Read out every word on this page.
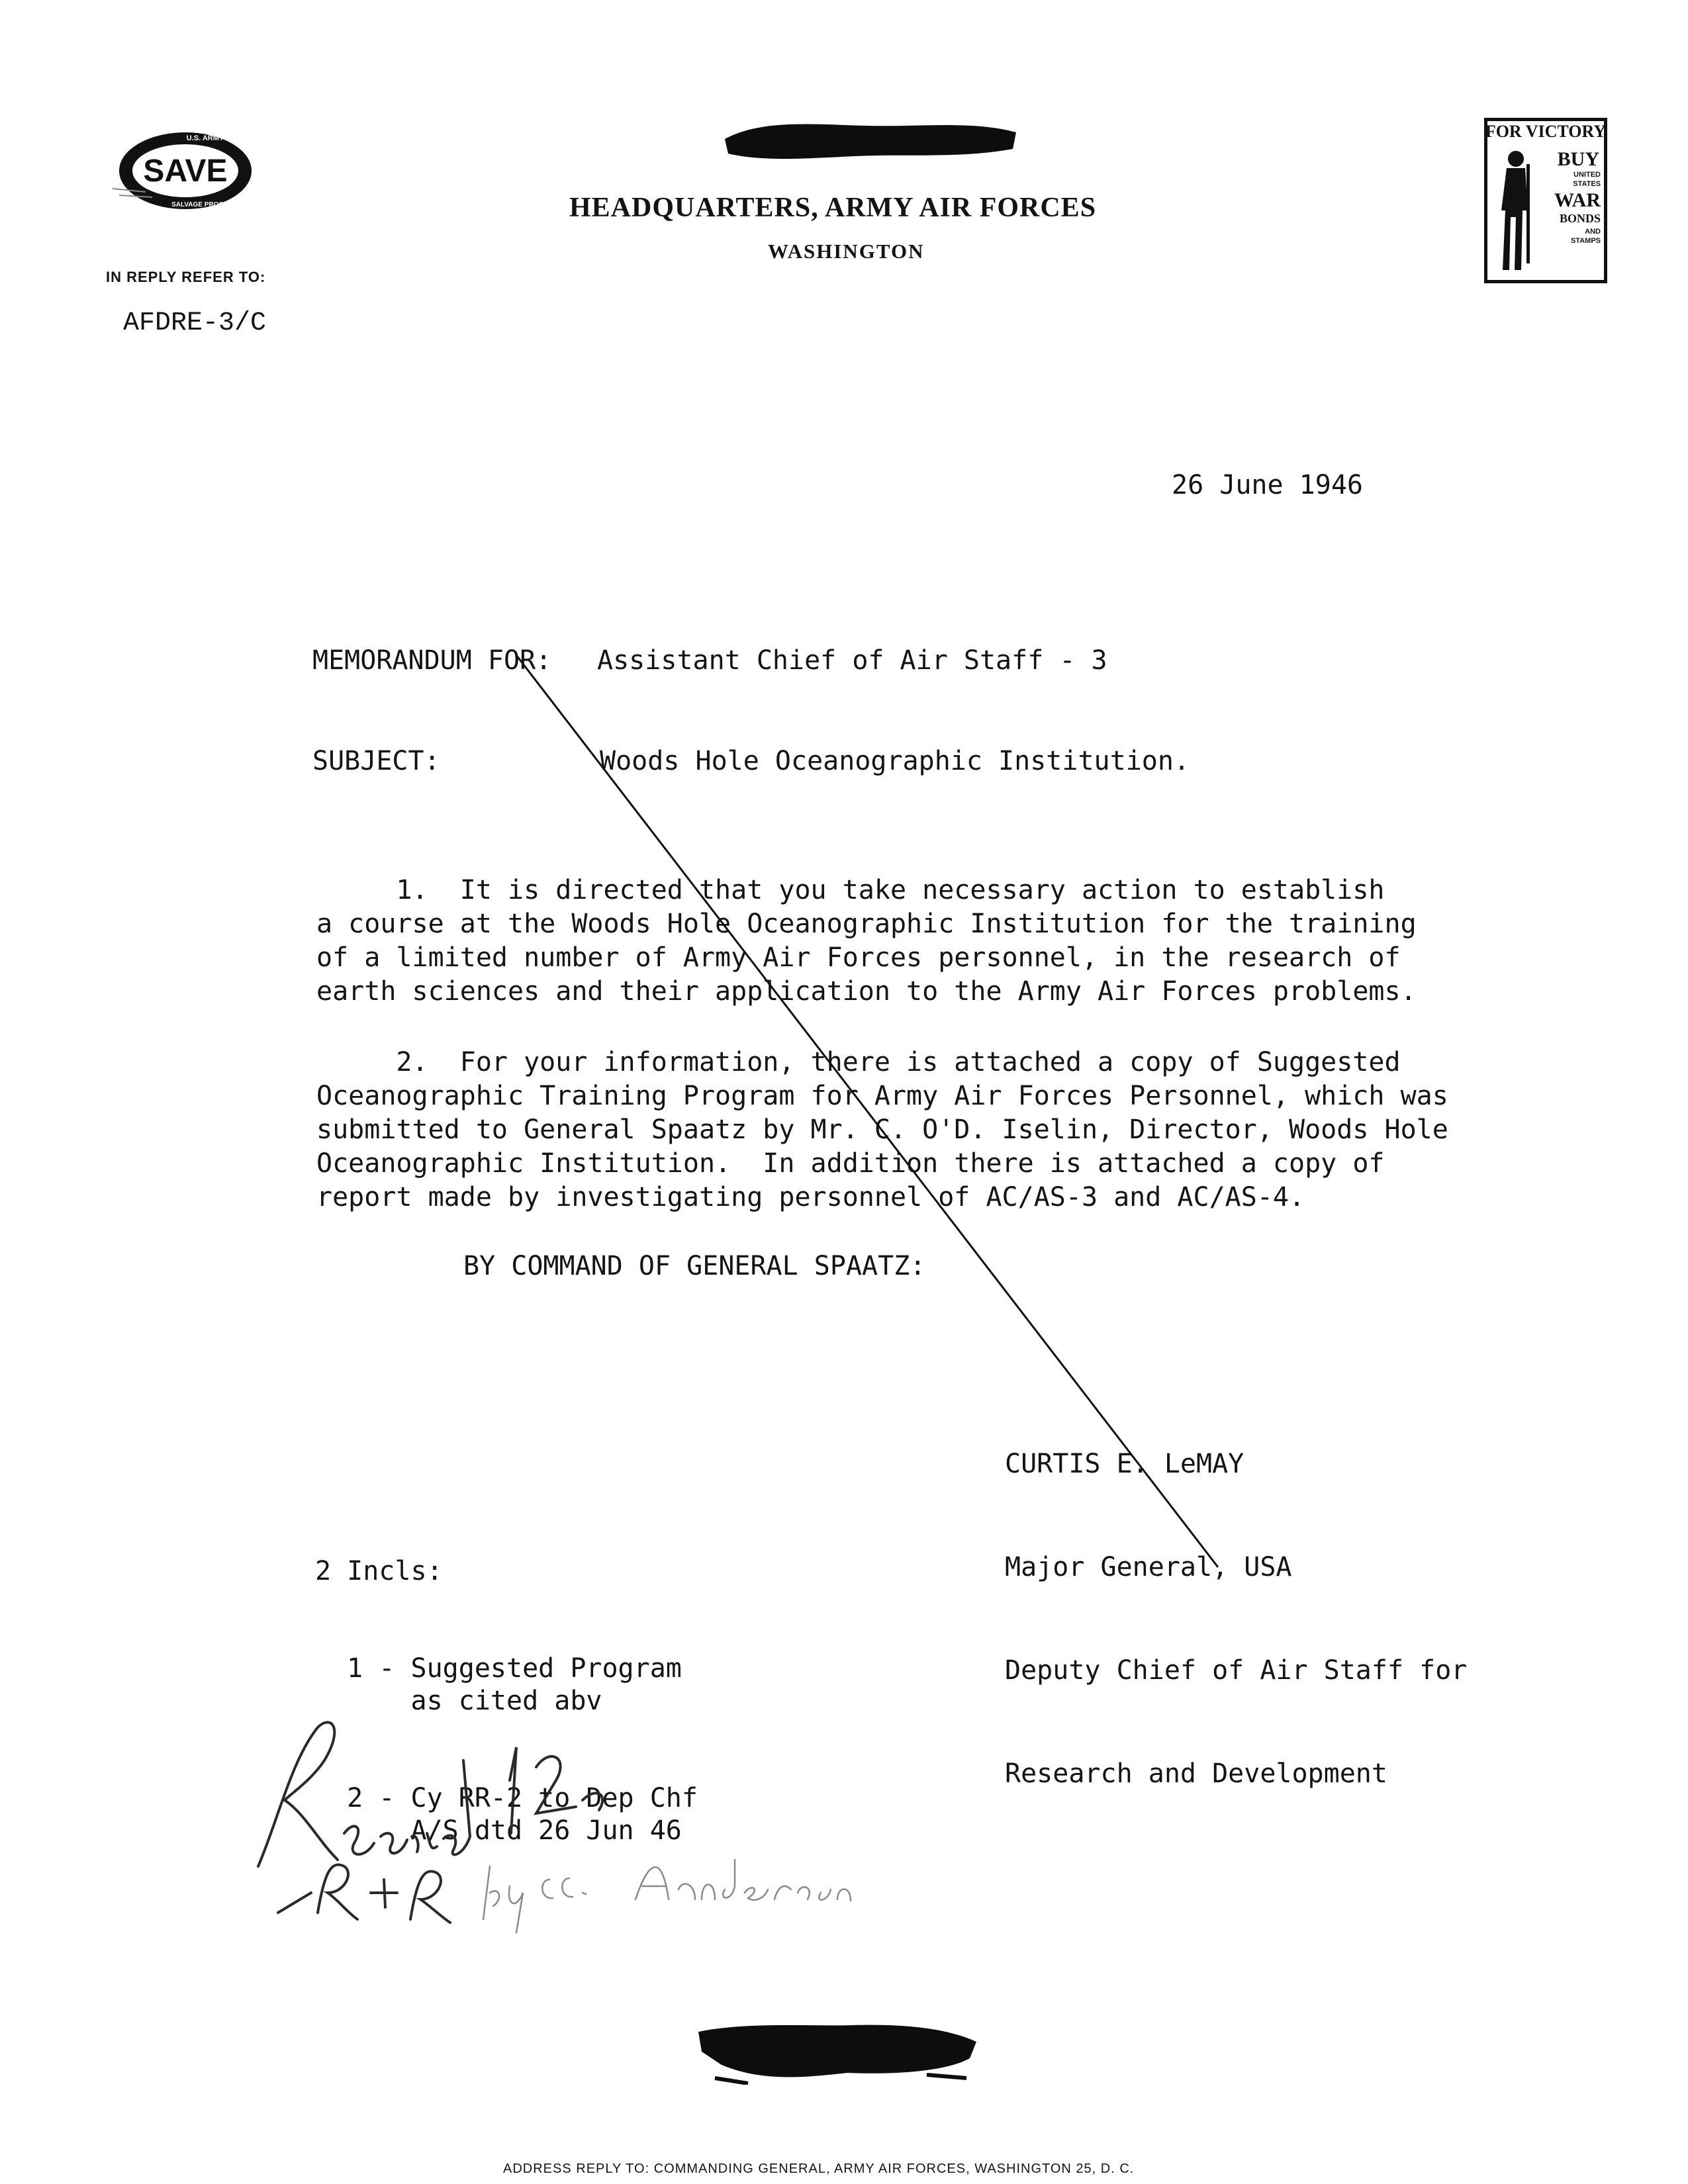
SAVE
U.S. ARMY
SALVAGE PROGRAM
IN REPLY REFER TO:
AFDRE-3/C
HEADQUARTERS, ARMY AIR FORCES
WASHINGTON
FOR VICTORY
BUY
UNITED
STATES
WAR
BONDS
AND
STAMPS
26 June 1946
MEMORANDUM FOR: Assistant Chief of Air Staff - 3
SUBJECT:	Woods Hole Oceanographic Institution.
1.  It is directed that you take necessary action to establish
a course at the Woods Hole Oceanographic Institution for the training
of a limited number of Army Air Forces personnel, in the research of
earth sciences and their application to the Army Air Forces problems.
2.  For your information, there is attached a copy of Suggested
Oceanographic Training Program for Army Air Forces Personnel, which was
submitted to General Spaatz by Mr. C. O'D. Iselin, Director, Woods Hole
Oceanographic Institution.  In addition there is attached a copy of
report made by investigating personnel of AC/AS-3 and AC/AS-4.
BY COMMAND OF GENERAL SPAATZ:

CURTIS E. LeMAY

Major General, USA

Deputy Chief of Air Staff for

Research and Development

2 Incls:

1 - Suggested Program
as cited abv

2 - Cy RR-2 to Dep Chf
A/S dtd 26 Jun 46

ADDRESS REPLY TO: COMMANDING GENERAL, ARMY AIR FORCES, WASHINGTON 25, D. C.
